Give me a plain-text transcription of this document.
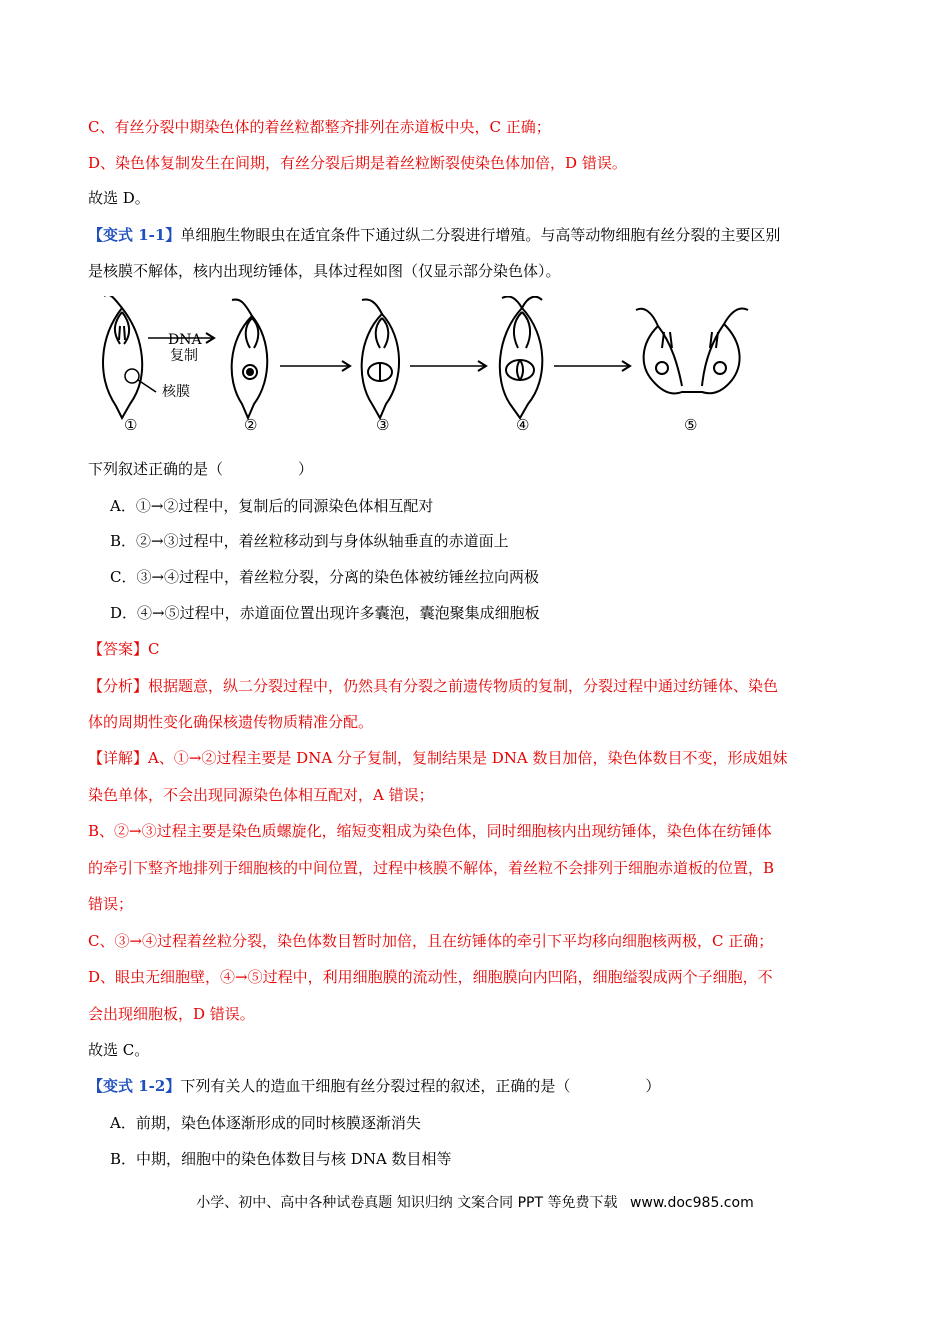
C、有丝分裂中期染色体的着丝粒都整齐排列在赤道板中央，C 正确；
D、染色体复制发生在间期，有丝分裂后期是着丝粒断裂使染色体加倍，D 错误。
故选 D。
【变式 1-1】单细胞生物眼虫在适宜条件下通过纵二分裂进行增殖。与高等动物细胞有丝分裂的主要区别
是核膜不解体，核内出现纺锤体，具体过程如图（仅显示部分染色体）。
DNA
复制
核膜
①	②	③	④	⑤
下列叙述正确的是（　　　　　）
A．①→②过程中，复制后的同源染色体相互配对
B．②→③过程中，着丝粒移动到与身体纵轴垂直的赤道面上
C．③→④过程中，着丝粒分裂，分离的染色体被纺锤丝拉向两极
D．④→⑤过程中，赤道面位置出现许多囊泡，囊泡聚集成细胞板
【答案】C
【分析】根据题意，纵二分裂过程中，仍然具有分裂之前遗传物质的复制，分裂过程中通过纺锤体、染色
体的周期性变化确保核遗传物质精准分配。
【详解】A、①→②过程主要是 DNA 分子复制，复制结果是 DNA 数目加倍，染色体数目不变，形成姐妹
染色单体，不会出现同源染色体相互配对，A 错误；
B、②→③过程主要是染色质螺旋化，缩短变粗成为染色体，同时细胞核内出现纺锤体，染色体在纺锤体
的牵引下整齐地排列于细胞核的中间位置，过程中核膜不解体，着丝粒不会排列于细胞赤道板的位置，B
错误；
C、③→④过程着丝粒分裂，染色体数目暂时加倍，且在纺锤体的牵引下平均移向细胞核两极，C 正确；
D、眼虫无细胞壁，④→⑤过程中，利用细胞膜的流动性，细胞膜向内凹陷，细胞缢裂成两个子细胞，不
会出现细胞板，D 错误。
故选 C。
【变式 1-2】下列有关人的造血干细胞有丝分裂过程的叙述，正确的是（　　　　　）
A．前期，染色体逐渐形成的同时核膜逐渐消失
B．中期，细胞中的染色体数目与核 DNA 数目相等
小学、初中、高中各种试卷真题 知识归纳 文案合同 PPT 等免费下载 www.doc985.com
